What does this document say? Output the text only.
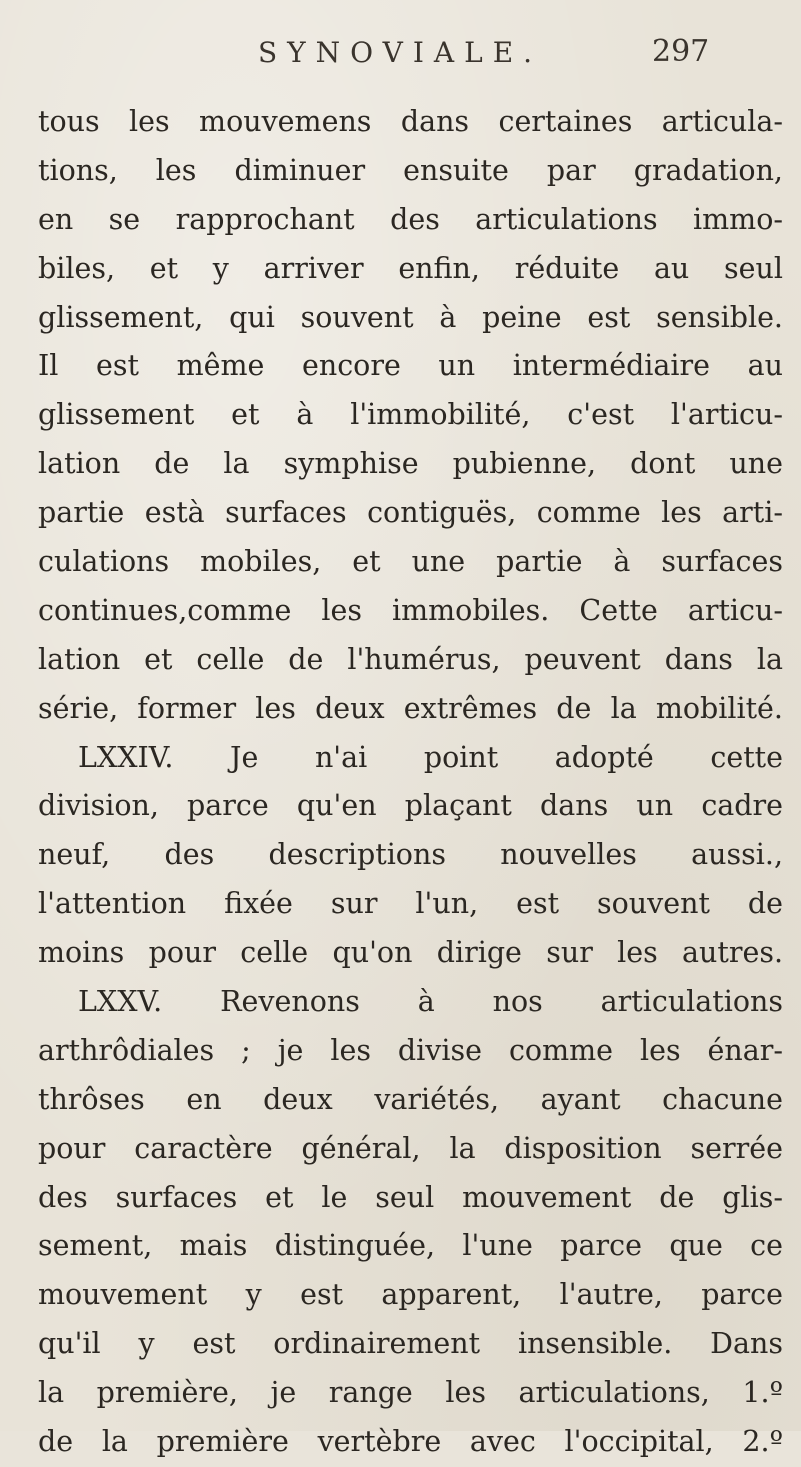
SYNOVIALE.	297
tous les mouvemens dans certaines articula-
tions, les diminuer ensuite par gradation,
en se rapprochant des articulations immo-
biles, et y arriver enfin, réduite au seul
glissement, qui souvent à peine est sensible.
Il est même encore un intermédiaire au
glissement et à l'immobilité, c'est l'articu-
lation de la symphise pubienne, dont une
partie està surfaces contiguës, comme les arti-
culations mobiles, et une partie à surfaces
continues,comme les immobiles. Cette articu-
lation et celle de l'humérus, peuvent dans la
série, former les deux extrêmes de la mobilité.
LXXIV. Je n'ai point adopté cette
division, parce qu'en plaçant dans un cadre
neuf, des descriptions nouvelles aussi.,
l'attention fixée sur l'un, est souvent de
moins pour celle qu'on dirige sur les autres.
LXXV. Revenons à nos articulations
arthrôdiales ; je les divise comme les énar-
thrôses en deux variétés, ayant chacune
pour caractère général, la disposition serrée
des surfaces et le seul mouvement de glis-
sement, mais distinguée, l'une parce que ce
mouvement y est apparent, l'autre, parce
qu'il y est ordinairement insensible. Dans
la première, je range les articulations, 1.º
de la première vertèbre avec l'occipital, 2.º
